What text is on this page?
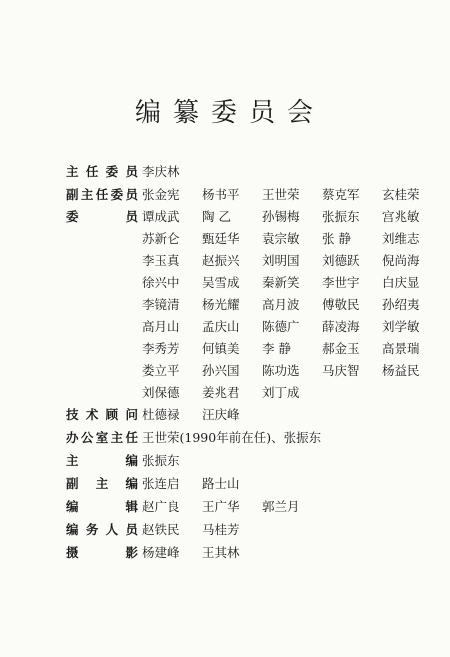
编纂委员会
主任委员 李庆林
副主任委员 张金宪 杨书平 王世荣 蔡克军 玄桂荣
委 员 谭成武 陶 乙 孙锡梅 张振东 宫兆敏
苏新仑 甄廷华 袁宗敏 张 静 刘维志
李玉真 赵振兴 刘明国 刘德跃 倪尚海
徐兴中 吴雪成 秦新笑 李世宇 白庆显
李镜清 杨光耀 高月波 傅敬民 孙绍夷
高月山 孟庆山 陈德广 薛凌海 刘学敏
李秀芳 何镇美 李 静 郝金玉 高景瑞
娄立平 孙兴国 陈功选 马庆智 杨益民
刘保德 姜兆君 刘丁成
技术顾问 杜德禄 汪庆峰
办公室主任 王世荣(1990年前在任)、张振东
主 编 张振东
副 主 编 张连启 路士山
编 辑 赵广良 王广华 郭兰月
编务人员 赵铁民 马桂芳
摄 影 杨建峰 王其林
